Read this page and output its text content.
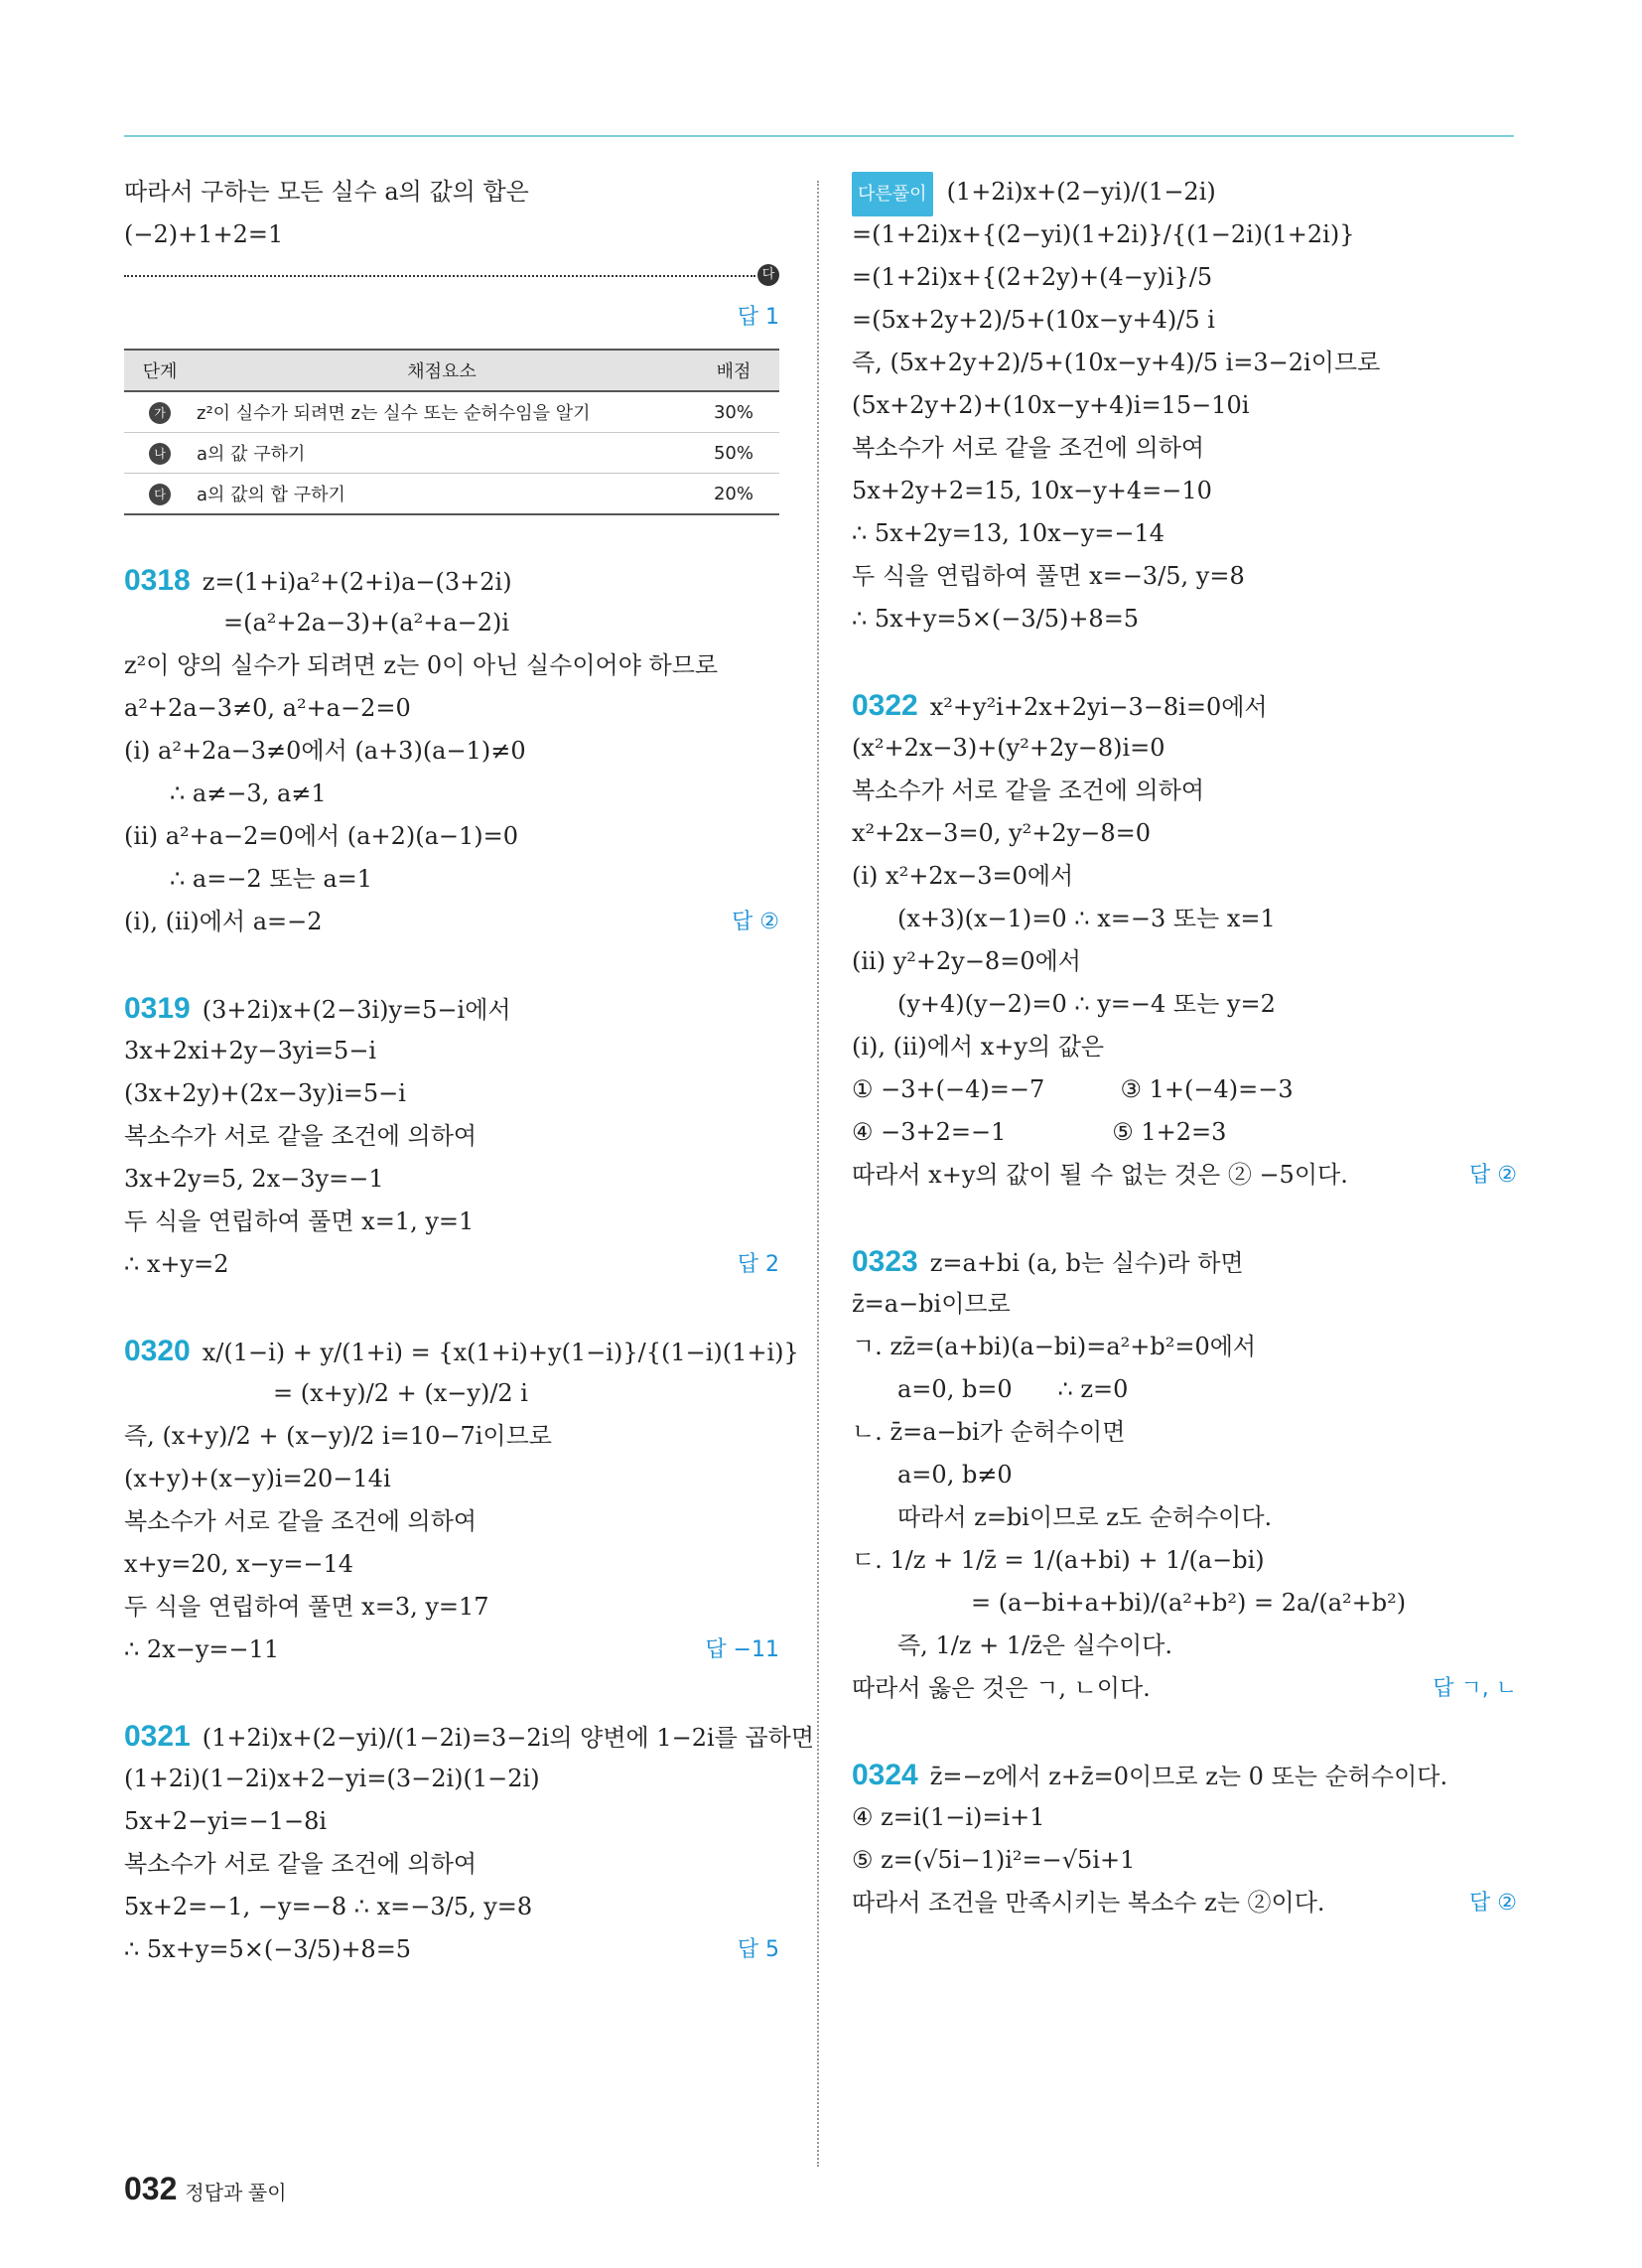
따라서 구하는 모든 실수 a의 값의 합은
(−2)+1+2=1
다
답 1
단계	채점요소	배점
가	z²이 실수가 되려면 z는 실수 또는 순허수임을 알기	30%
나	a의 값 구하기	50%
다	a의 값의 합 구하기	20%
0318 z=(1+i)a²+(2+i)a−(3+2i)
=(a²+2a−3)+(a²+a−2)i
z²이 양의 실수가 되려면 z는 0이 아닌 실수이어야 하므로
a²+2a−3≠0, a²+a−2=0
(i) a²+2a−3≠0에서 (a+3)(a−1)≠0
∴ a≠−3, a≠1
(ii) a²+a−2=0에서 (a+2)(a−1)=0
∴ a=−2 또는 a=1
(i), (ii)에서 a=−2	답 ②
0319 (3+2i)x+(2−3i)y=5−i에서
3x+2xi+2y−3yi=5−i
(3x+2y)+(2x−3y)i=5−i
복소수가 서로 같을 조건에 의하여
3x+2y=5, 2x−3y=−1
두 식을 연립하여 풀면 x=1, y=1
∴ x+y=2	답 2
0320 x/(1−i) + y/(1+i) = {x(1+i)+y(1−i)}/{(1−i)(1+i)}
= (x+y)/2 + (x−y)/2 i
즉, (x+y)/2 + (x−y)/2 i=10−7i이므로
(x+y)+(x−y)i=20−14i
복소수가 서로 같을 조건에 의하여
x+y=20, x−y=−14
두 식을 연립하여 풀면 x=3, y=17
∴ 2x−y=−11	답 −11
0321 (1+2i)x+(2−yi)/(1−2i)=3−2i의 양변에 1−2i를 곱하면
(1+2i)(1−2i)x+2−yi=(3−2i)(1−2i)
5x+2−yi=−1−8i
복소수가 서로 같을 조건에 의하여
5x+2=−1, −y=−8 ∴ x=−3/5, y=8
∴ 5x+y=5×(−3/5)+8=5	답 5
다른풀이 (1+2i)x+(2−yi)/(1−2i)
=(1+2i)x+{(2−yi)(1+2i)}/{(1−2i)(1+2i)}
=(1+2i)x+{(2+2y)+(4−y)i}/5
=(5x+2y+2)/5+(10x−y+4)/5 i
즉, (5x+2y+2)/5+(10x−y+4)/5 i=3−2i이므로
(5x+2y+2)+(10x−y+4)i=15−10i
복소수가 서로 같을 조건에 의하여
5x+2y+2=15, 10x−y+4=−10
∴ 5x+2y=13, 10x−y=−14
두 식을 연립하여 풀면 x=−3/5, y=8
∴ 5x+y=5×(−3/5)+8=5
0322 x²+y²i+2x+2yi−3−8i=0에서
(x²+2x−3)+(y²+2y−8)i=0
복소수가 서로 같을 조건에 의하여
x²+2x−3=0, y²+2y−8=0
(i) x²+2x−3=0에서
(x+3)(x−1)=0 ∴ x=−3 또는 x=1
(ii) y²+2y−8=0에서
(y+4)(y−2)=0 ∴ y=−4 또는 y=2
(i), (ii)에서 x+y의 값은
① −3+(−4)=−7          ③ 1+(−4)=−3
④ −3+2=−1              ⑤ 1+2=3
따라서 x+y의 값이 될 수 없는 것은 ② −5이다.	답 ②
0323 z=a+bi (a, b는 실수)라 하면
z̄=a−bi이므로
ㄱ. zz̄=(a+bi)(a−bi)=a²+b²=0에서
a=0, b=0      ∴ z=0
ㄴ. z̄=a−bi가 순허수이면
a=0, b≠0
따라서 z=bi이므로 z도 순허수이다.
ㄷ. 1/z + 1/z̄ = 1/(a+bi) + 1/(a−bi)
= (a−bi+a+bi)/(a²+b²) = 2a/(a²+b²)
즉, 1/z + 1/z̄은 실수이다.
따라서 옳은 것은 ㄱ, ㄴ이다.	답 ㄱ, ㄴ
0324 z̄=−z에서 z+z̄=0이므로 z는 0 또는 순허수이다.
④ z=i(1−i)=i+1
⑤ z=(√5i−1)i²=−√5i+1
따라서 조건을 만족시키는 복소수 z는 ②이다.	답 ②
032 정답과 풀이
